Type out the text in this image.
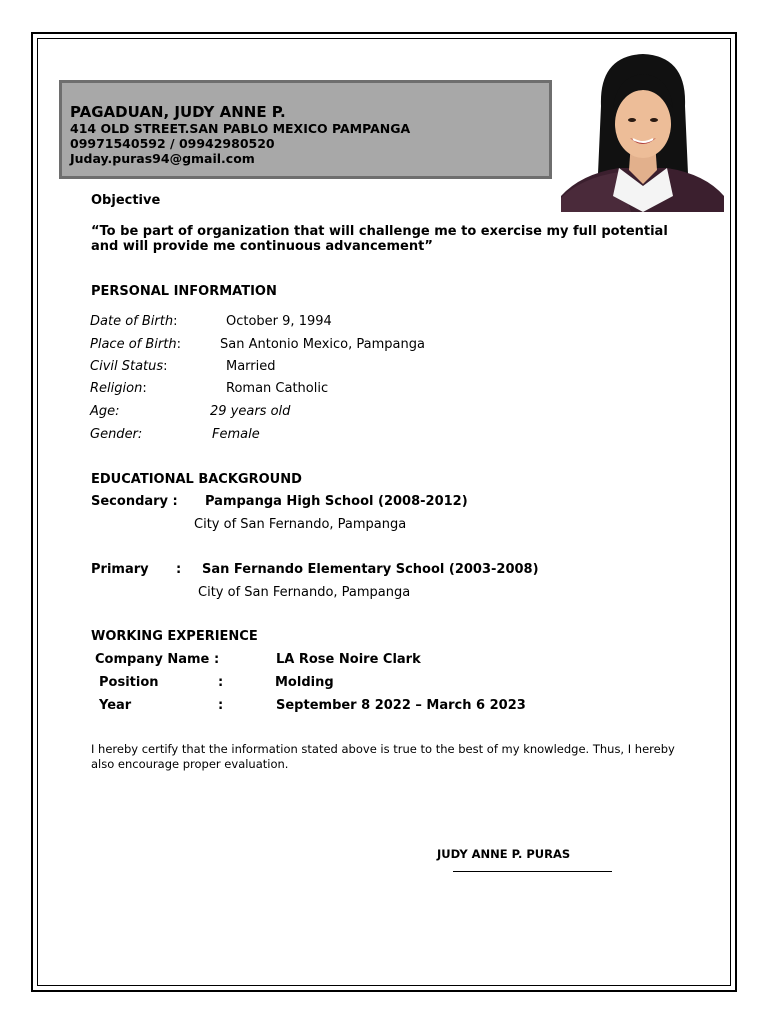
PAGADUAN, JUDY ANNE P.
414 OLD STREET.SAN PABLO MEXICO PAMPANGA
09971540592 / 09942980520
Juday.puras94@gmail.com
Objective
“To be part of organization that will challenge me to exercise my full potential
and will provide me continuous advancement”
PERSONAL INFORMATION
Date of Birth:	October 9, 1994
Place of Birth:	San Antonio Mexico, Pampanga
Civil Status:	Married
Religion:	Roman Catholic
Age:	29 years old
Gender:	Female
EDUCATIONAL BACKGROUND
Secondary : Pampanga High School (2008-2012)
City of San Fernando, Pampanga
Primary : San Fernando Elementary School (2003-2008)
City of San Fernando, Pampanga
WORKING EXPERIENCE
Company Name :	LA Rose Noire Clark
Position	:	Molding
Year	:	September 8 2022 – March 6 2023
I hereby certify that the information stated above is true to the best of my knowledge. Thus, I hereby
also encourage proper evaluation.
JUDY ANNE P. PURAS
